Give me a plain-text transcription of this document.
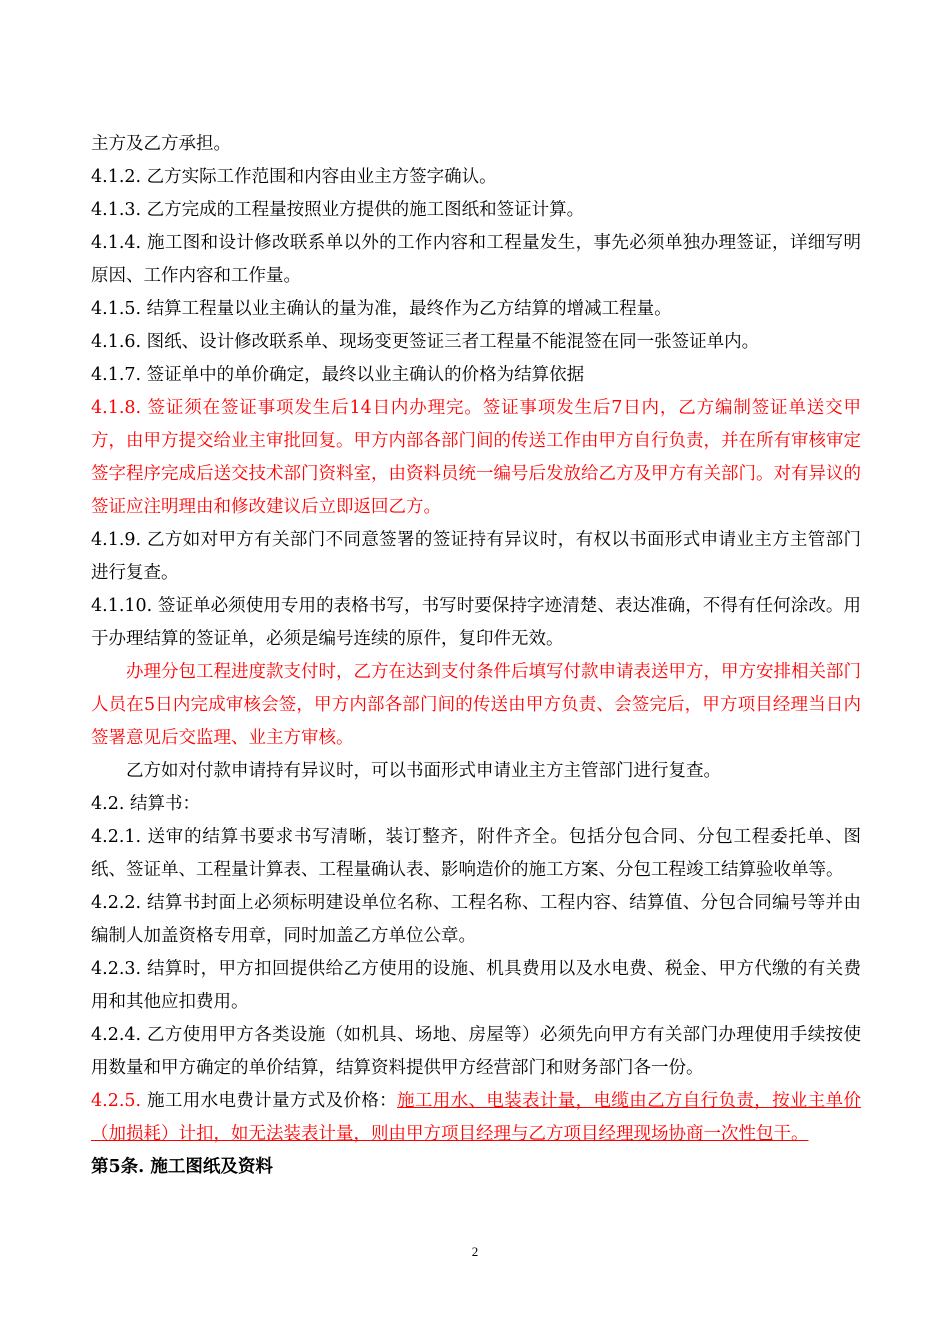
主方及乙方承担。

4.1.2. 乙方实际工作范围和内容由业主方签字确认。

4.1.3. 乙方完成的工程量按照业方提供的施工图纸和签证计算。

4.1.4. 施工图和设计修改联系单以外的工作内容和工程量发生，事先必须单独办理签证，详细写明原因、工作内容和工作量。

4.1.5. 结算工程量以业主确认的量为准，最终作为乙方结算的增减工程量。

4.1.6. 图纸、设计修改联系单、现场变更签证三者工程量不能混签在同一张签证单内。

4.1.7. 签证单中的单价确定，最终以业主确认的价格为结算依据

4.1.8. 签证须在签证事项发生后14日内办理完。签证事项发生后7日内，乙方编制签证单送交甲方，由甲方提交给业主审批回复。甲方内部各部门间的传送工作由甲方自行负责，并在所有审核审定签字程序完成后送交技术部门资料室，由资料员统一编号后发放给乙方及甲方有关部门。对有异议的签证应注明理由和修改建议后立即返回乙方。

4.1.9. 乙方如对甲方有关部门不同意签署的签证持有异议时，有权以书面形式申请业主方主管部门进行复查。

4.1.10. 签证单必须使用专用的表格书写，书写时要保持字迹清楚、表达准确，不得有任何涂改。用于办理结算的签证单，必须是编号连续的原件，复印件无效。

办理分包工程进度款支付时，乙方在达到支付条件后填写付款申请表送甲方，甲方安排相关部门人员在5日内完成审核会签，甲方内部各部门间的传送由甲方负责、会签完后，甲方项目经理当日内签署意见后交监理、业主方审核。

乙方如对付款申请持有异议时，可以书面形式申请业主方主管部门进行复查。

4.2. 结算书：

4.2.1. 送审的结算书要求书写清晰，装订整齐，附件齐全。包括分包合同、分包工程委托单、图纸、签证单、工程量计算表、工程量确认表、影响造价的施工方案、分包工程竣工结算验收单等。

4.2.2. 结算书封面上必须标明建设单位名称、工程名称、工程内容、结算值、分包合同编号等并由编制人加盖资格专用章，同时加盖乙方单位公章。

4.2.3. 结算时，甲方扣回提供给乙方使用的设施、机具费用以及水电费、税金、甲方代缴的有关费用和其他应扣费用。

4.2.4. 乙方使用甲方各类设施（如机具、场地、房屋等）必须先向甲方有关部门办理使用手续按使用数量和甲方确定的单价结算，结算资料提供甲方经营部门和财务部门各一份。

4.2.5. 施工用水电费计量方式及价格：施工用水、电装表计量，电缆由乙方自行负责，按业主单价（加损耗）计扣，如无法装表计量，则由甲方项目经理与乙方项目经理现场协商一次性包干。

第5条. 施工图纸及资料

2
